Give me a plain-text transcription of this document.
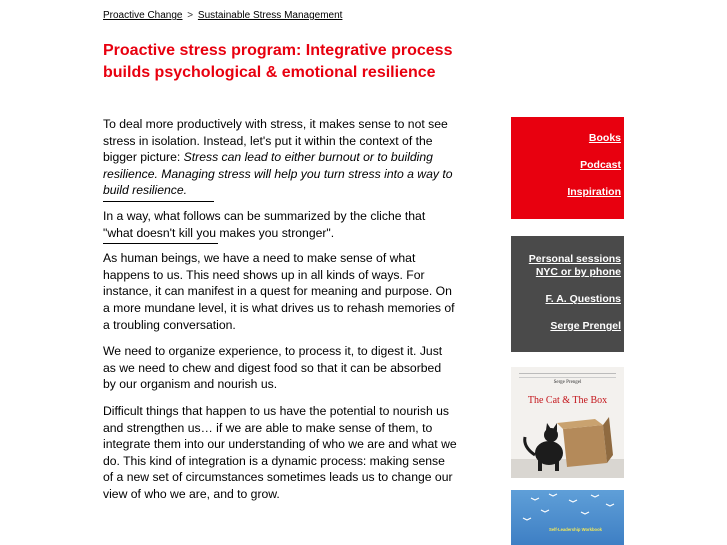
Proactive Change > Sustainable Stress Management
Proactive stress program: Integrative process builds psychological & emotional resilience

To deal more productively with stress, it makes sense to not see stress in isolation. Instead, let's put it within the context of the bigger picture: Stress can lead to either burnout or to building resilience. Managing stress will help you turn stress into a way to build resilience.

In a way, what follows can be summarized by the cliche that "what doesn't kill you makes you stronger".

As human beings, we have a need to make sense of what happens to us. This need shows up in all kinds of ways. For instance, it can manifest in a quest for meaning and purpose. On a more mundane level, it is what drives us to rehash memories of a troubling conversation.

We need to organize experience, to process it, to digest it. Just as we need to chew and digest food so that it can be absorbed by our organism and nourish us.

Difficult things that happen to us have the potential to nourish us and strengthen us… if we are able to make sense of them, to integrate them into our understanding of who we are and what we do. This kind of integration is a dynamic process: making sense of a new set of circumstances sometimes leads us to change our view of who we are, and to grow.

Books
Podcast
Inspiration
Personal sessions
NYC or by phone
F. A. Questions
Serge Prengel
Serge Prengel
The Cat & The Box
Self-Leadership Workbook
